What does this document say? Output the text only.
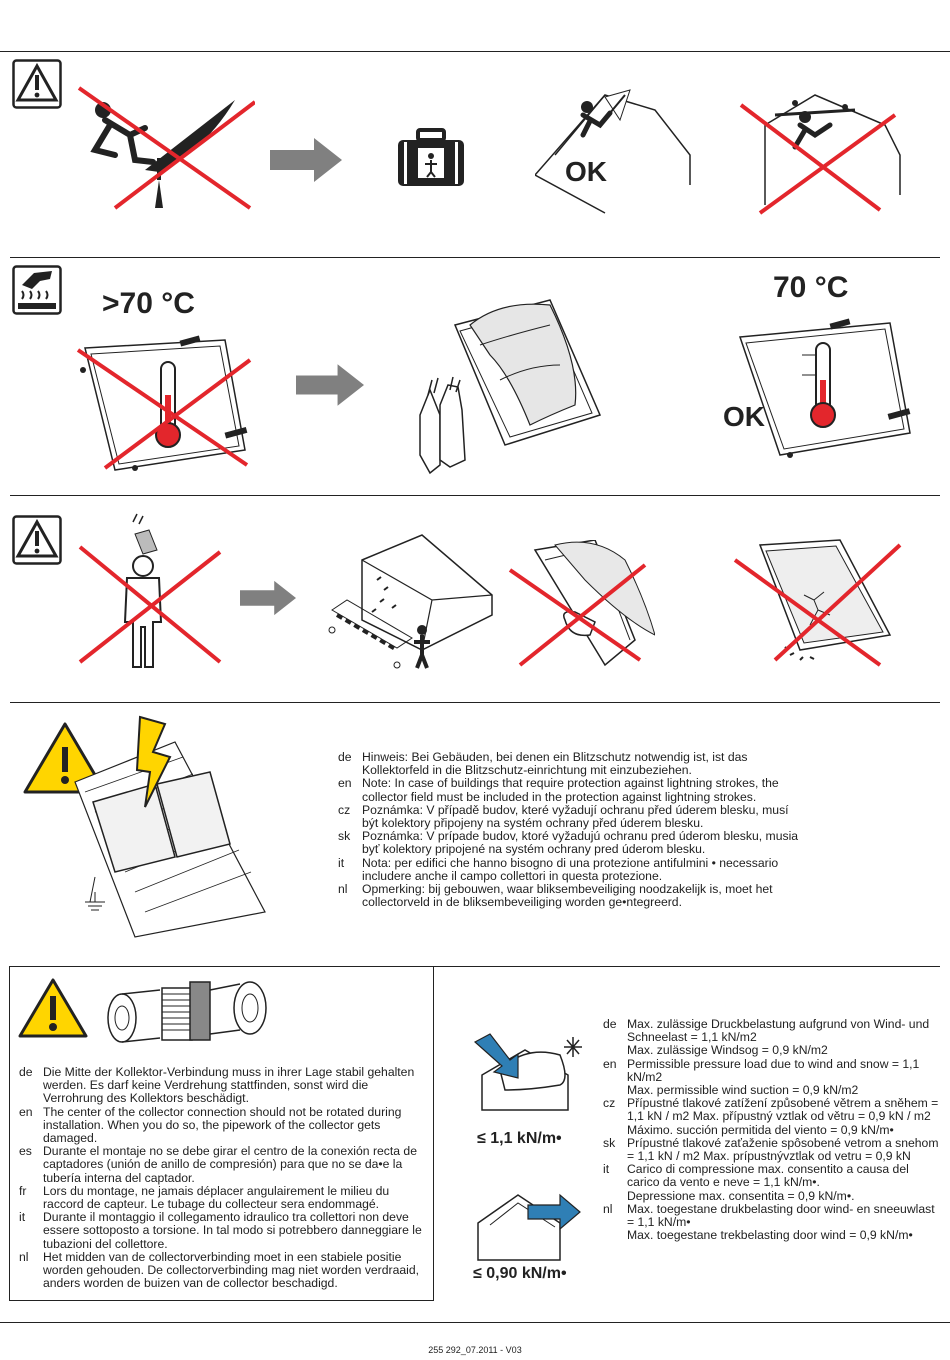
OK
>70 °C	70 °C
OK
de Hinweis: Bei Gebäuden, bei denen ein Blitzschutz notwendig ist, ist das Kollektorfeld in die Blitzschutz-einrichtung mit einzubeziehen.
en Note: In case of buildings that require protection against lightning strokes, the collector field must be included in the protection against lightning strokes.
cz Poznámka: V případě budov, které vyžadují ochranu před úderem blesku, musí být kolektory připojeny na systém ochrany před úderem blesku.
sk Poznámka: V prípade budov, ktoré vyžadujú ochranu pred úderom blesku, musia byť kolektory pripojené na systém ochrany pred úderom blesku.
it	Nota: per edifici che hanno bisogno di una protezione antifulmini • necessario includere anche il campo collettori in questa protezione.
nl	Opmerking: bij gebouwen, waar bliksembeveiliging noodzakelijk is, moet het collectorveld in de bliksembeveiliging worden ge•ntegreerd.
de Die Mitte der Kollektor-Verbindung muss in ihrer Lage stabil gehalten werden. Es darf keine Verdrehung stattfinden, sonst wird die Verrohrung des Kollektors beschädigt.
en The center of the collector connection should not be rotated during installation. When you do so, the pipework of the collector gets damaged.
es Durante el montaje no se debe girar el centro de la conexión recta de captadores (unión de anillo de compresión) para que no se da•e la tubería interna del captador.
fr	Lors du montage, ne jamais déplacer angulairement le milieu du raccord de capteur. Le tubage du collecteur sera endommagé.
it	Durante il montaggio il collegamento idraulico tra collettori non deve essere sottoposto a torsione. In tal modo si potrebbero danneggiare le tubazioni del collettore.
nl	Het midden van de collectorverbinding moet in een stabiele positie worden gehouden. De collectorverbinding mag niet worden verdraaid, anders worden de buizen van de collector beschadigd.
≤ 1,1 kN/m•
≤ 0,90 kN/m•
de Max. zulässige Druckbelastung aufgrund von Wind- und Schneelast = 1,1 kN/m2
Max. zulässige Windsog = 0,9 kN/m2
en Permissible pressure load due to wind and snow = 1,1 kN/m2
Max. permissible wind suction = 0,9 kN/m2
cz Přípustné tlakové zatížení způsobené větrem a sněhem = 1,1 kN / m2 Max. přípustný vztlak od větru = 0,9 kN / m2
Máximo. succión permitida del viento = 0,9 kN/m•
sk Prípustné tlakové zaťaženie spôsobené vetrom a snehom = 1,1 kN / m2 Max. prípustnývztlak od vetru = 0,9 kN
it	Carico di compressione max. consentito a causa del carico da vento e neve = 1,1 kN/m•.
Depressione max. consentita = 0,9 kN/m•.
nl	Max. toegestane drukbelasting door wind- en sneeuwlast = 1,1 kN/m•
Max. toegestane trekbelasting door wind = 0,9 kN/m•
255 292_07.2011 - V03
